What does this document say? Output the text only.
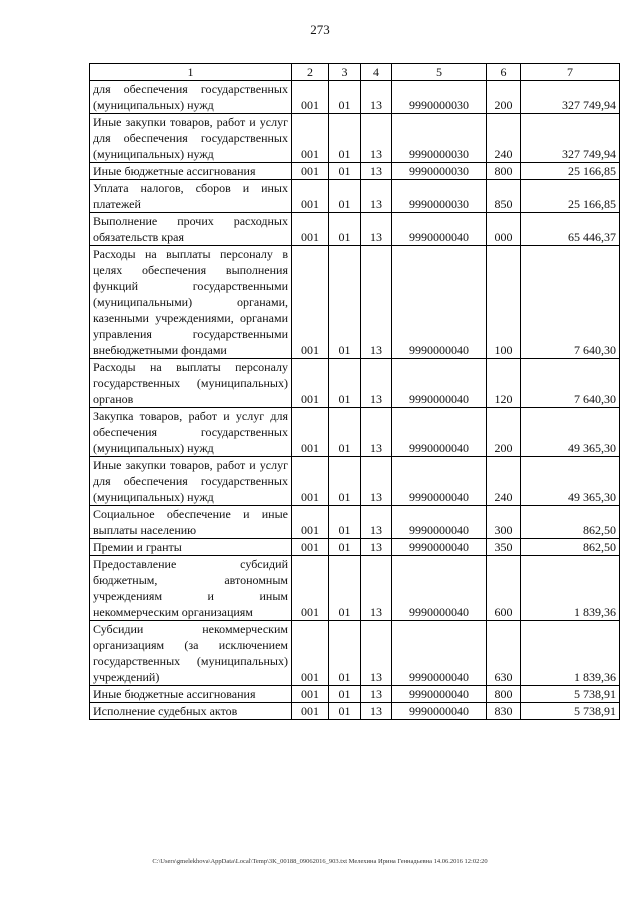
273
1	2	3	4	5	6	7
для обеспечения государственных (муниципальных) нужд	001	01	13	9990000030	200	327 749,94
Иные закупки товаров, работ и услуг для обеспечения государственных (муниципальных) нужд	001	01	13	9990000030	240	327 749,94
Иные бюджетные ассигнования	001	01	13	9990000030	800	25 166,85
Уплата налогов, сборов и иных платежей	001	01	13	9990000030	850	25 166,85
Выполнение прочих расходных обязательств края	001	01	13	9990000040	000	65 446,37
Расходы на выплаты персоналу в целях обеспечения выполнения функций государственными (муниципальными) органами, казенными учреждениями, органами управления государственными внебюджетными фондами	001	01	13	9990000040	100	7 640,30
Расходы на выплаты персоналу государственных (муниципальных) органов	001	01	13	9990000040	120	7 640,30
Закупка товаров, работ и услуг для обеспечения государственных (муниципальных) нужд	001	01	13	9990000040	200	49 365,30
Иные закупки товаров, работ и услуг для обеспечения государственных (муниципальных) нужд	001	01	13	9990000040	240	49 365,30
Социальное обеспечение и иные выплаты населению	001	01	13	9990000040	300	862,50
Премии и гранты	001	01	13	9990000040	350	862,50
Предоставление субсидий бюджетным, автономным учреждениям и иным некоммерческим организациям	001	01	13	9990000040	600	1 839,36
Субсидии некоммерческим организациям (за исключением государственных (муниципальных) учреждений)	001	01	13	9990000040	630	1 839,36
Иные бюджетные ассигнования	001	01	13	9990000040	800	5 738,91
Исполнение судебных актов	001	01	13	9990000040	830	5 738,91
C:\Users\gmelekhova\AppData\Local\Temp\3K_00188_09062016_903.txt Мелехина Ирина Геннадьевна 14.06.2016 12:02:20
